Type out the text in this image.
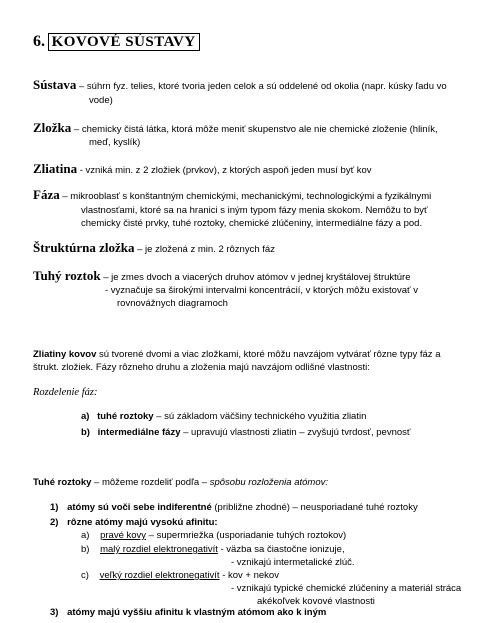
6. KOVOVÉ SÚSTAVY
Sústava – súhrn fyz. telies, ktoré tvoria jeden celok a sú oddelené od okolia (napr. kúsky ľadu vo
vode)
Zložka – chemicky čistá látka, ktorá môže meniť skupenstvo ale nie chemické zloženie (hliník,
meď, kyslík)
Zliatina - vzniká min. z 2 zložiek (prvkov), z ktorých aspoň jeden musí byť kov
Fáza – mikrooblasť s konštantným chemickými, mechanickými, technologickými a fyzikálnymi
vlastnosťami, ktoré sa na hranici s iným typom fázy menia skokom. Nemôžu to byť
chemicky čisté prvky, tuhé roztoky, chemické zlúčeniny, intermediálne fázy a pod.
Štruktúrna zložka – je zložená z min. 2 rôznych fáz
Tuhý roztok – je zmes dvoch a viacerých druhov atómov v jednej kryštálovej štruktúre
- vyznačuje sa širokými intervalmi koncentrácií, v ktorých môžu existovať v
rovnovážnych diagramoch
Zliatiny kovov sú tvorené dvomi a viac zložkami, ktoré môžu navzájom vytvárať rôzne typy fáz a
štrukt. zložiek. Fázy rôzneho druhu a zloženia majú navzájom odlišné vlastnosti:
Rozdelenie fáz:
a) tuhé roztoky – sú základom väčšiny technického využitia zliatin
b) intermediálne fázy – upravujú vlastnosti zliatin – zvyšujú tvrdosť, pevnosť
Tuhé roztoky – môžeme rozdeliť podľa – spôsobu rozloženia atómov:
1) atómy sú voči sebe indiferentné (približne zhodné) – neusporiadané tuhé roztoky
2) rôzne atómy majú vysokú afinitu:
a) pravé kovy – supermriežka (usporiadanie tuhých roztokov)
b) malý rozdiel elektronegativít - väzba sa čiastočne ionizuje,
- vznikajú intermetalické zlúč.
c) veľký rozdiel elektronegativít - kov + nekov
- vznikajú typické chemické zlúčeniny a materiál stráca
akékoľvek kovové vlastnosti
3) atómy majú vyššiu afinitu k vlastným atómom ako k iným
